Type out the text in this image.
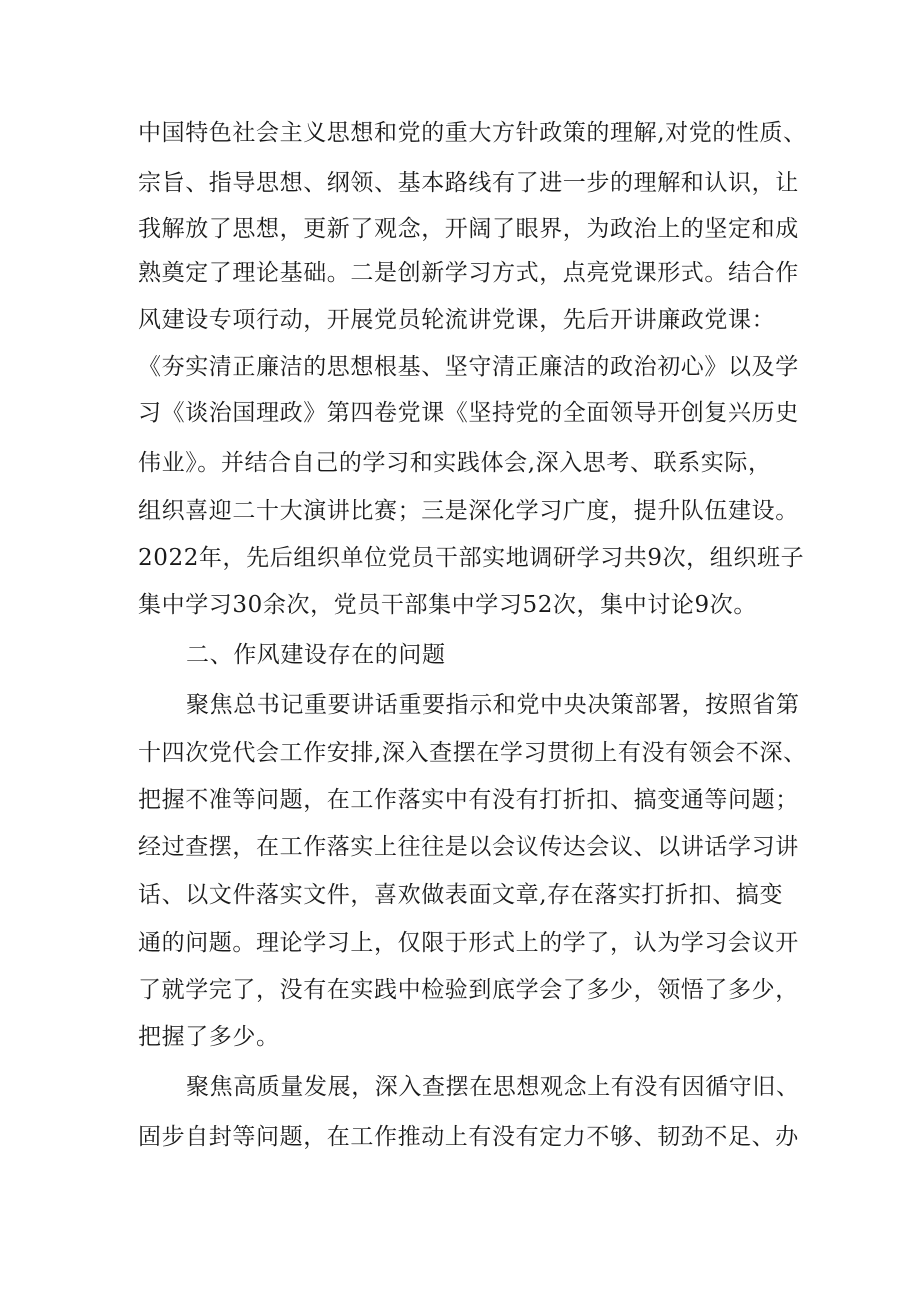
中国特色社会主义思想和党的重大方针政策的理解,对党的性质、
宗旨、指导思想、纲领、基本路线有了进一步的理解和认识，让
我解放了思想，更新了观念，开阔了眼界，为政治上的坚定和成
熟奠定了理论基础。二是创新学习方式，点亮党课形式。结合作
风建设专项行动，开展党员轮流讲党课，先后开讲廉政党课：
《夯实清正廉洁的思想根基、坚守清正廉洁的政治初心》以及学
习《谈治国理政》第四卷党课《坚持党的全面领导开创复兴历史
伟业》。并结合自己的学习和实践体会,深入思考、联系实际，
组织喜迎二十大演讲比赛；三是深化学习广度，提升队伍建设。
2022年，先后组织单位党员干部实地调研学习共9次，组织班子
集中学习30余次，党员干部集中学习52次，集中讨论9次。
二、作风建设存在的问题
聚焦总书记重要讲话重要指示和党中央决策部署，按照省第
十四次党代会工作安排,深入查摆在学习贯彻上有没有领会不深、
把握不准等问题，在工作落实中有没有打折扣、搞变通等问题；
经过查摆，在工作落实上往往是以会议传达会议、以讲话学习讲
话、以文件落实文件，喜欢做表面文章,存在落实打折扣、搞变
通的问题。理论学习上，仅限于形式上的学了，认为学习会议开
了就学完了，没有在实践中检验到底学会了多少，领悟了多少，
把握了多少。
聚焦高质量发展，深入查摆在思想观念上有没有因循守旧、
固步自封等问题，在工作推动上有没有定力不够、韧劲不足、办
